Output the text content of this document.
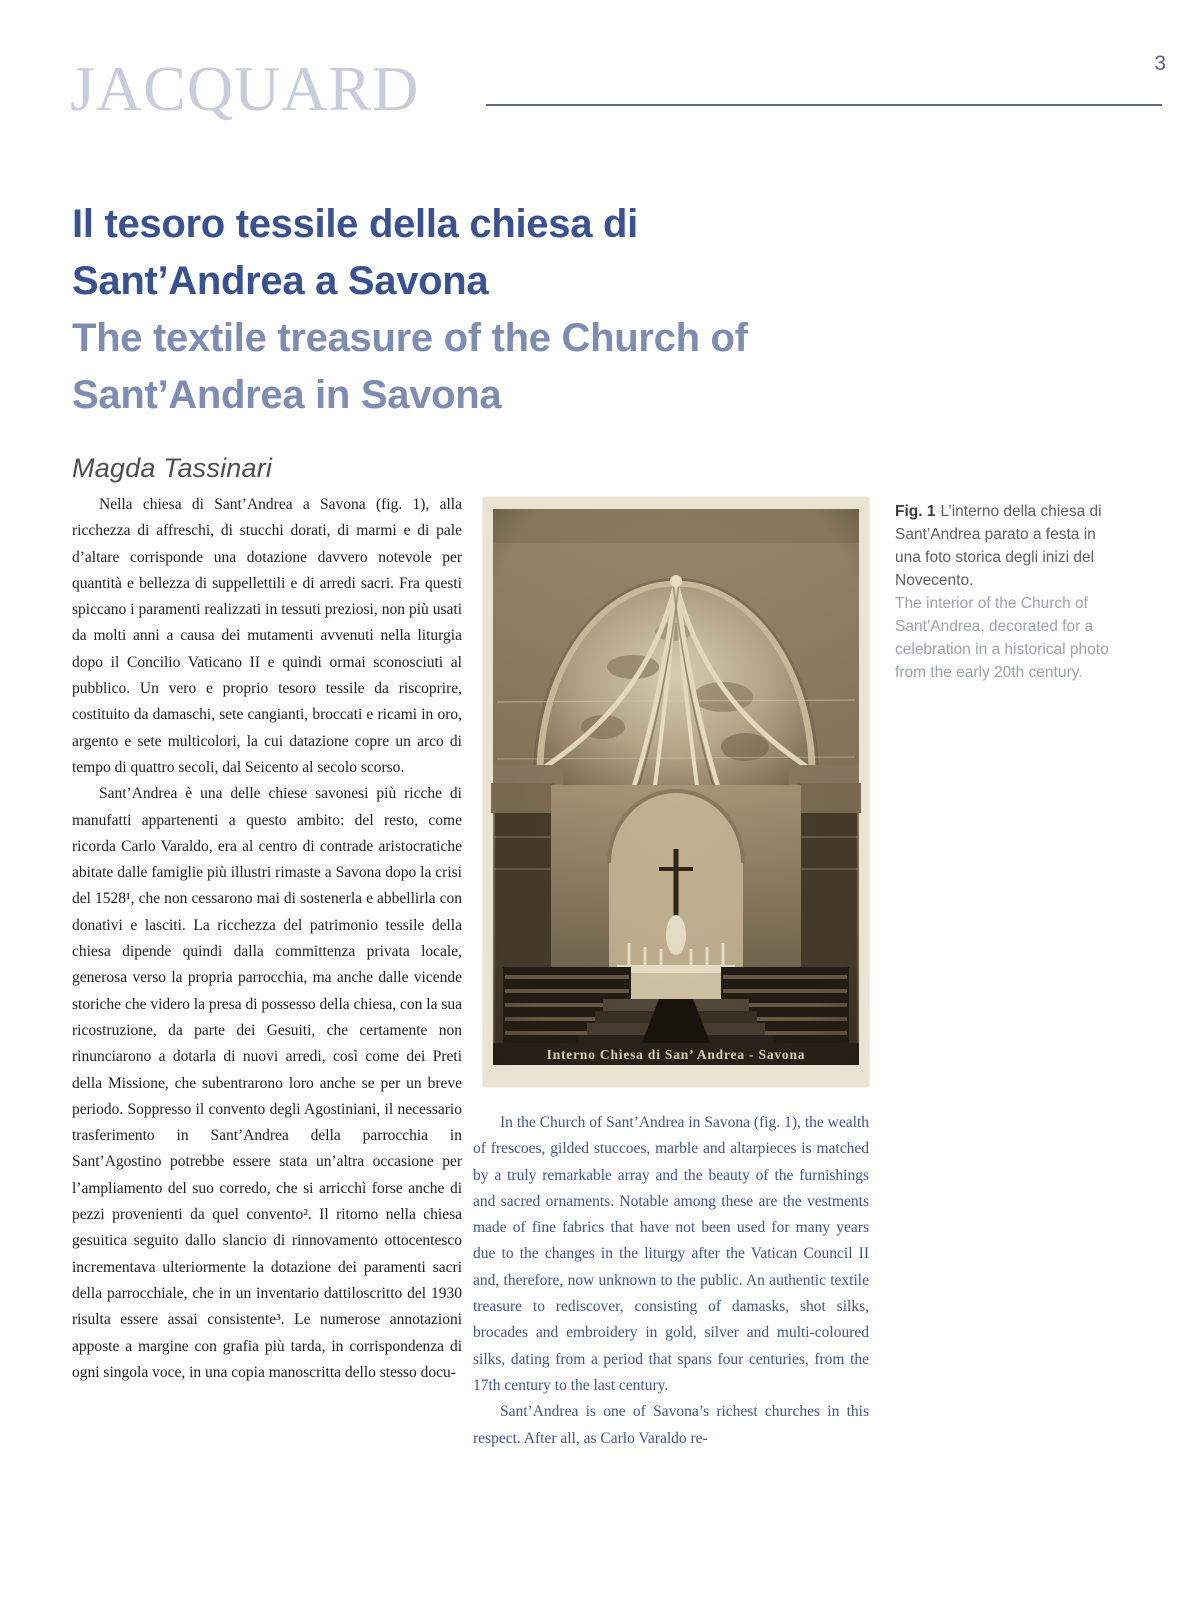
JACQUARD	3
Il tesoro tessile della chiesa di
Sant’Andrea a Savona
The textile treasure of the Church of
Sant’Andrea in Savona
Magda Tassinari

Nella chiesa di Sant’Andrea a Savona (fig. 1), alla ricchezza di affreschi, di stucchi dorati, di marmi e di pale d’altare corrisponde una dotazione davvero notevole per quantità e bellezza di suppellettili e di arredi sacri. Fra questi spiccano i paramenti realizzati in tessuti preziosi, non più usati da molti anni a causa dei mutamenti avvenuti nella liturgia dopo il Concilio Vaticano II e quindi ormai sconosciuti al pubblico. Un vero e proprio tesoro tessile da riscoprire, costituito da damaschi, sete cangianti, broccati e ricami in oro, argento e sete multicolori, la cui datazione copre un arco di tempo di quattro secoli, dal Seicento al secolo scorso.

Sant’Andrea è una delle chiese savonesi più ricche di manufatti appartenenti a questo ambito: del resto, come ricorda Carlo Varaldo, era al centro di contrade aristocratiche abitate dalle famiglie più illustri rimaste a Savona dopo la crisi del 1528¹, che non cessarono mai di sostenerla e abbellirla con donativi e lasciti. La ricchezza del patrimonio tessile della chiesa dipende quindi dalla committenza privata locale, generosa verso la propria parrocchia, ma anche dalle vicende storiche che videro la presa di possesso della chiesa, con la sua ricostruzione, da parte dei Gesuiti, che certamente non rinunciarono a dotarla di nuovi arredi, così come dei Preti della Missione, che subentrarono loro anche se per un breve periodo. Soppresso il convento degli Agostiniani, il necessario trasferimento in Sant’Andrea della parrocchia in Sant’Agostino potrebbe essere stata un’altra occasione per l’ampliamento del suo corredo, che si arricchì forse anche di pezzi provenienti da quel convento². Il ritorno nella chiesa gesuitica seguito dallo slancio di rinnovamento ottocentesco incrementava ulteriormente la dotazione dei paramenti sacri della parrocchiale, che in un inventario dattiloscritto del 1930 risulta essere assai consistente³. Le numerose annotazioni apposte a margine con grafia più tarda, in corrispondenza di ogni singola voce, in una copia manoscritta dello stesso docu-

Interno Chiesa di San’ Andrea - Savona
Fig. 1 L’interno della chiesa di Sant’Andrea parato a festa in una foto storica degli inizi del Novecento.
The interior of the Church of Sant’Andrea, decorated for a celebration in a historical photo from the early 20th century.

In the Church of Sant’Andrea in Savona (fig. 1), the wealth of frescoes, gilded stuccoes, marble and altarpieces is matched by a truly remarkable array and the beauty of the furnishings and sacred ornaments. Notable among these are the vestments made of fine fabrics that have not been used for many years due to the changes in the liturgy after the Vatican Council II and, therefore, now unknown to the public. An authentic textile treasure to rediscover, consisting of damasks, shot silks, brocades and embroidery in gold, silver and multi-coloured silks, dating from a period that spans four centuries, from the 17th century to the last century.

Sant’Andrea is one of Savona’s richest churches in this respect. After all, as Carlo Varaldo re-
